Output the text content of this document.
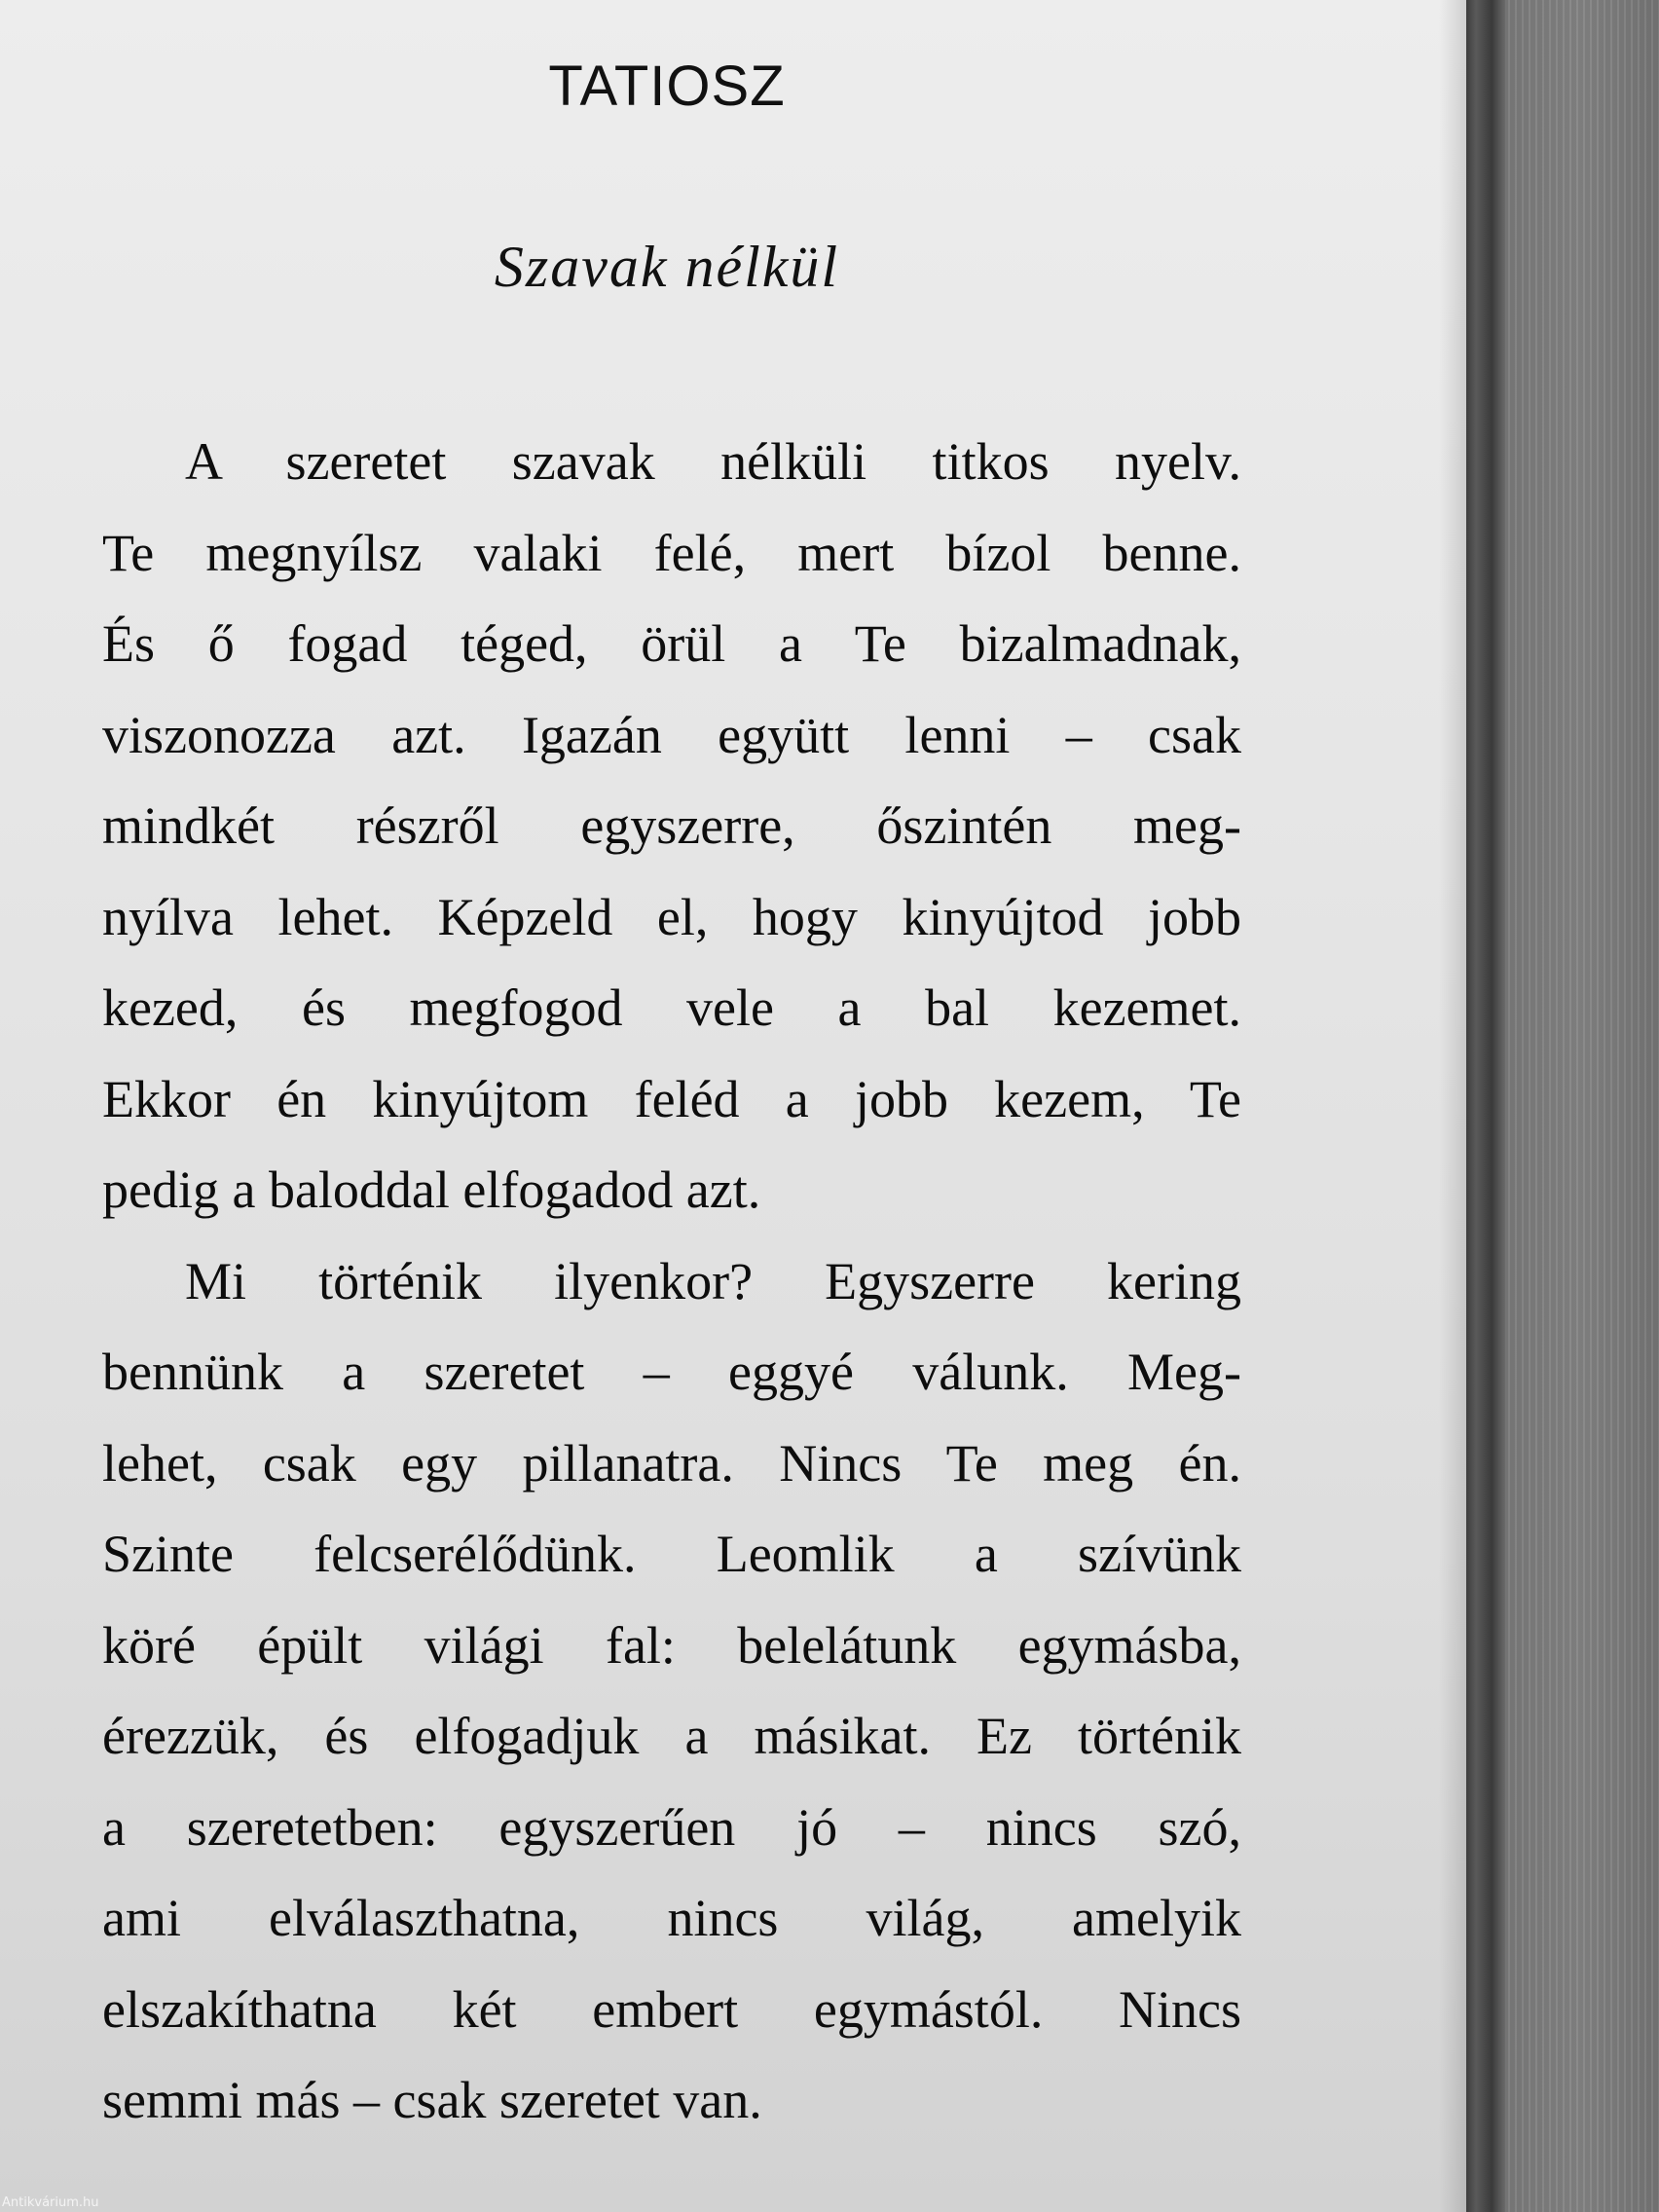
TATIOSZ
Szavak nélkül
A szeretet szavak nélküli titkos nyelv.
Te megnyílsz valaki felé, mert bízol benne.
És ő fogad téged, örül a Te bizalmadnak,
viszonozza azt. Igazán együtt lenni – csak
mindkét részről egyszerre, őszintén meg-
nyílva lehet. Képzeld el, hogy kinyújtod jobb
kezed, és megfogod vele a bal kezemet.
Ekkor én kinyújtom feléd a jobb kezem, Te
pedig a baloddal elfogadod azt.
Mi történik ilyenkor? Egyszerre kering
bennünk a szeretet – eggyé válunk. Meg-
lehet, csak egy pillanatra. Nincs Te meg én.
Szinte felcserélődünk. Leomlik a szívünk
köré épült világi fal: belelátunk egymásba,
érezzük, és elfogadjuk a másikat. Ez történik
a szeretetben: egyszerűen jó – nincs szó,
ami elválaszthatna, nincs világ, amelyik
elszakíthatna két embert egymástól. Nincs
semmi más – csak szeretet van.
Antikvárium.hu
